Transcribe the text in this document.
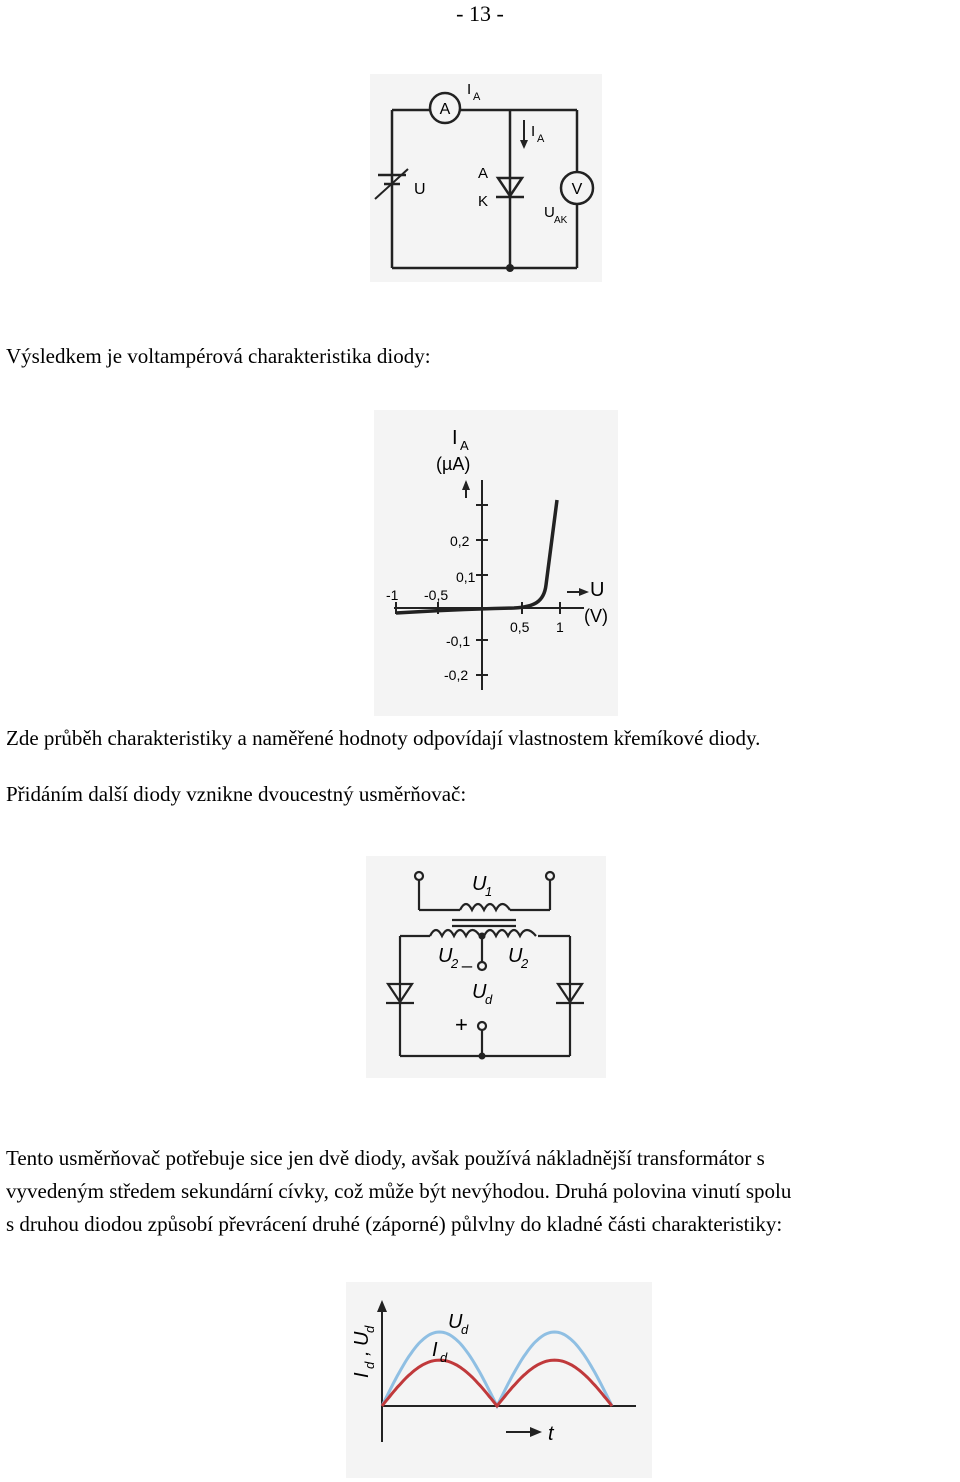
- 13 -
A
V
I A
I A
U
A
K
U AK
Výsledkem je voltampérová charakteristika diody:
I A
(µA)
U
(V)
-1 -0,5
0,5 1
0,2
0,1
-0,1
-0,2
Zde průběh charakteristiky a naměřené hodnoty odpovídají vlastnostem křemíkové diody.
Přidáním další diody vznikne dvoucestný usměrňovač:
U
1
U
2 _ U
2
U
d
+
Tento usměrňovač potřebuje sice jen dvě diody, avšak používá nákladnější transformátor s
vyvedeným středem sekundární cívky, což může být nevýhodou. Druhá polovina vinutí spolu
s druhou diodou způsobí převrácení druhé (záporné) půlvlny do kladné části charakteristiky:
I
d
,
U
d
t
U
d
I d
